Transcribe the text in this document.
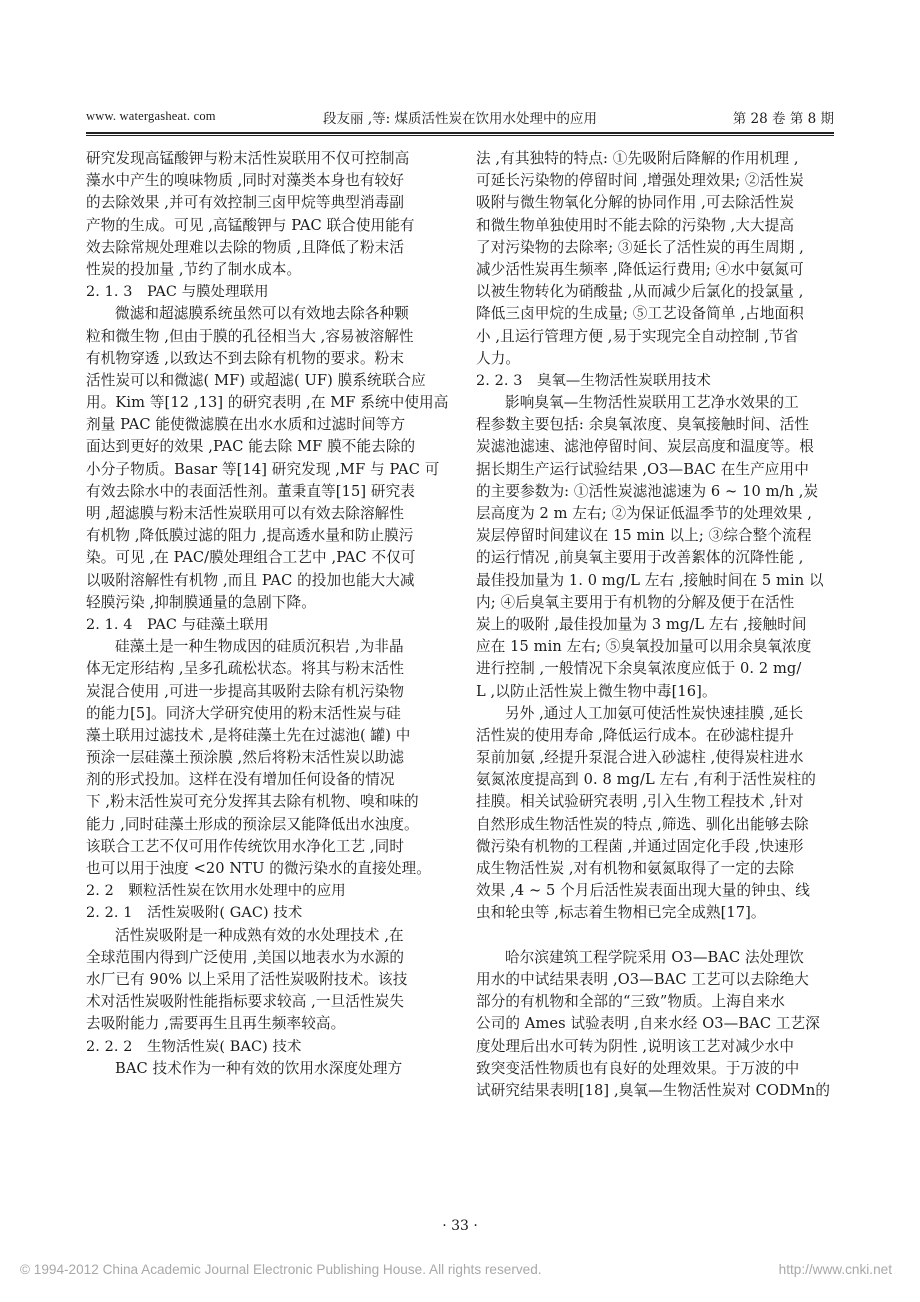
www. watergasheat. com	段友丽 ,等: 煤质活性炭在饮用水处理中的应用	第 28 卷 第 8 期
研究发现高锰酸钾与粉末活性炭联用不仅可控制高
藻水中产生的嗅味物质 ,同时对藻类本身也有较好
的去除效果 ,并可有效控制三卤甲烷等典型消毒副
产物的生成。可见 ,高锰酸钾与 PAC 联合使用能有
效去除常规处理难以去除的物质 ,且降低了粉末活
性炭的投加量 ,节约了制水成本。
2. 1. 3　PAC 与膜处理联用
微滤和超滤膜系统虽然可以有效地去除各种颗
粒和微生物 ,但由于膜的孔径相当大 ,容易被溶解性
有机物穿透 ,以致达不到去除有机物的要求。粉末
活性炭可以和微滤( MF) 或超滤( UF) 膜系统联合应
用。Kim 等[12 ,13] 的研究表明 ,在 MF 系统中使用高
剂量 PAC 能使微滤膜在出水水质和过滤时间等方
面达到更好的效果 ,PAC 能去除 MF 膜不能去除的
小分子物质。Basar 等[14] 研究发现 ,MF 与 PAC 可
有效去除水中的表面活性剂。董秉直等[15] 研究表
明 ,超滤膜与粉末活性炭联用可以有效去除溶解性
有机物 ,降低膜过滤的阻力 ,提高透水量和防止膜污
染。可见 ,在 PAC/膜处理组合工艺中 ,PAC 不仅可
以吸附溶解性有机物 ,而且 PAC 的投加也能大大减
轻膜污染 ,抑制膜通量的急剧下降。
2. 1. 4　PAC 与硅藻土联用
硅藻土是一种生物成因的硅质沉积岩 ,为非晶
体无定形结构 ,呈多孔疏松状态。将其与粉末活性
炭混合使用 ,可进一步提高其吸附去除有机污染物
的能力[5]。同济大学研究使用的粉末活性炭与硅
藻土联用过滤技术 ,是将硅藻土先在过滤池( 罐) 中
预涂一层硅藻土预涂膜 ,然后将粉末活性炭以助滤
剂的形式投加。这样在没有增加任何设备的情况
下 ,粉末活性炭可充分发挥其去除有机物、嗅和味的
能力 ,同时硅藻土形成的预涂层又能降低出水浊度。
该联合工艺不仅可用作传统饮用水净化工艺 ,同时
也可以用于浊度 <20 NTU 的微污染水的直接处理。
2. 2　颗粒活性炭在饮用水处理中的应用
2. 2. 1　活性炭吸附( GAC) 技术
活性炭吸附是一种成熟有效的水处理技术 ,在
全球范围内得到广泛使用 ,美国以地表水为水源的
水厂已有 90% 以上采用了活性炭吸附技术。该技
术对活性炭吸附性能指标要求较高 ,一旦活性炭失
去吸附能力 ,需要再生且再生频率较高。
2. 2. 2　生物活性炭( BAC) 技术
BAC 技术作为一种有效的饮用水深度处理方
法 ,有其独特的特点: ①先吸附后降解的作用机理 ,
可延长污染物的停留时间 ,增强处理效果; ②活性炭
吸附与微生物氧化分解的协同作用 ,可去除活性炭
和微生物单独使用时不能去除的污染物 ,大大提高
了对污染物的去除率; ③延长了活性炭的再生周期 ,
减少活性炭再生频率 ,降低运行费用; ④水中氨氮可
以被生物转化为硝酸盐 ,从而减少后氯化的投氯量 ,
降低三卤甲烷的生成量; ⑤工艺设备简单 ,占地面积
小 ,且运行管理方便 ,易于实现完全自动控制 ,节省
人力。
2. 2. 3　臭氧—生物活性炭联用技术
影响臭氧—生物活性炭联用工艺净水效果的工
程参数主要包括: 余臭氧浓度、臭氧接触时间、活性
炭滤池滤速、滤池停留时间、炭层高度和温度等。根
据长期生产运行试验结果 ,O3—BAC 在生产应用中
的主要参数为: ①活性炭滤池滤速为 6 ~ 10 m/h ,炭
层高度为 2 m 左右; ②为保证低温季节的处理效果 ,
炭层停留时间建议在 15 min 以上; ③综合整个流程
的运行情况 ,前臭氧主要用于改善絮体的沉降性能 ,
最佳投加量为 1. 0 mg/L 左右 ,接触时间在 5 min 以
内; ④后臭氧主要用于有机物的分解及便于在活性
炭上的吸附 ,最佳投加量为 3 mg/L 左右 ,接触时间
应在 15 min 左右; ⑤臭氧投加量可以用余臭氧浓度
进行控制 ,一般情况下余臭氧浓度应低于 0. 2 mg/
L ,以防止活性炭上微生物中毒[16]。
另外 ,通过人工加氨可使活性炭快速挂膜 ,延长
活性炭的使用寿命 ,降低运行成本。在砂滤柱提升
泵前加氨 ,经提升泵混合进入砂滤柱 ,使得炭柱进水
氨氮浓度提高到 0. 8 mg/L 左右 ,有利于活性炭柱的
挂膜。相关试验研究表明 ,引入生物工程技术 ,针对
自然形成生物活性炭的特点 ,筛选、驯化出能够去除
微污染有机物的工程菌 ,并通过固定化手段 ,快速形
成生物活性炭 ,对有机物和氨氮取得了一定的去除
效果 ,4 ~ 5 个月后活性炭表面出现大量的钟虫、线
虫和轮虫等 ,标志着生物相已完全成熟[17]。
哈尔滨建筑工程学院采用 O3—BAC 法处理饮
用水的中试结果表明 ,O3—BAC 工艺可以去除绝大
部分的有机物和全部的“三致”物质。上海自来水
公司的 Ames 试验表明 ,自来水经 O3—BAC 工艺深
度处理后出水可转为阴性 ,说明该工艺对减少水中
致突变活性物质也有良好的处理效果。于万波的中
试研究结果表明[18] ,臭氧—生物活性炭对 CODMn的
· 33 ·
© 1994-2012 China Academic Journal Electronic Publishing House. All rights reserved.	http://www.cnki.net
